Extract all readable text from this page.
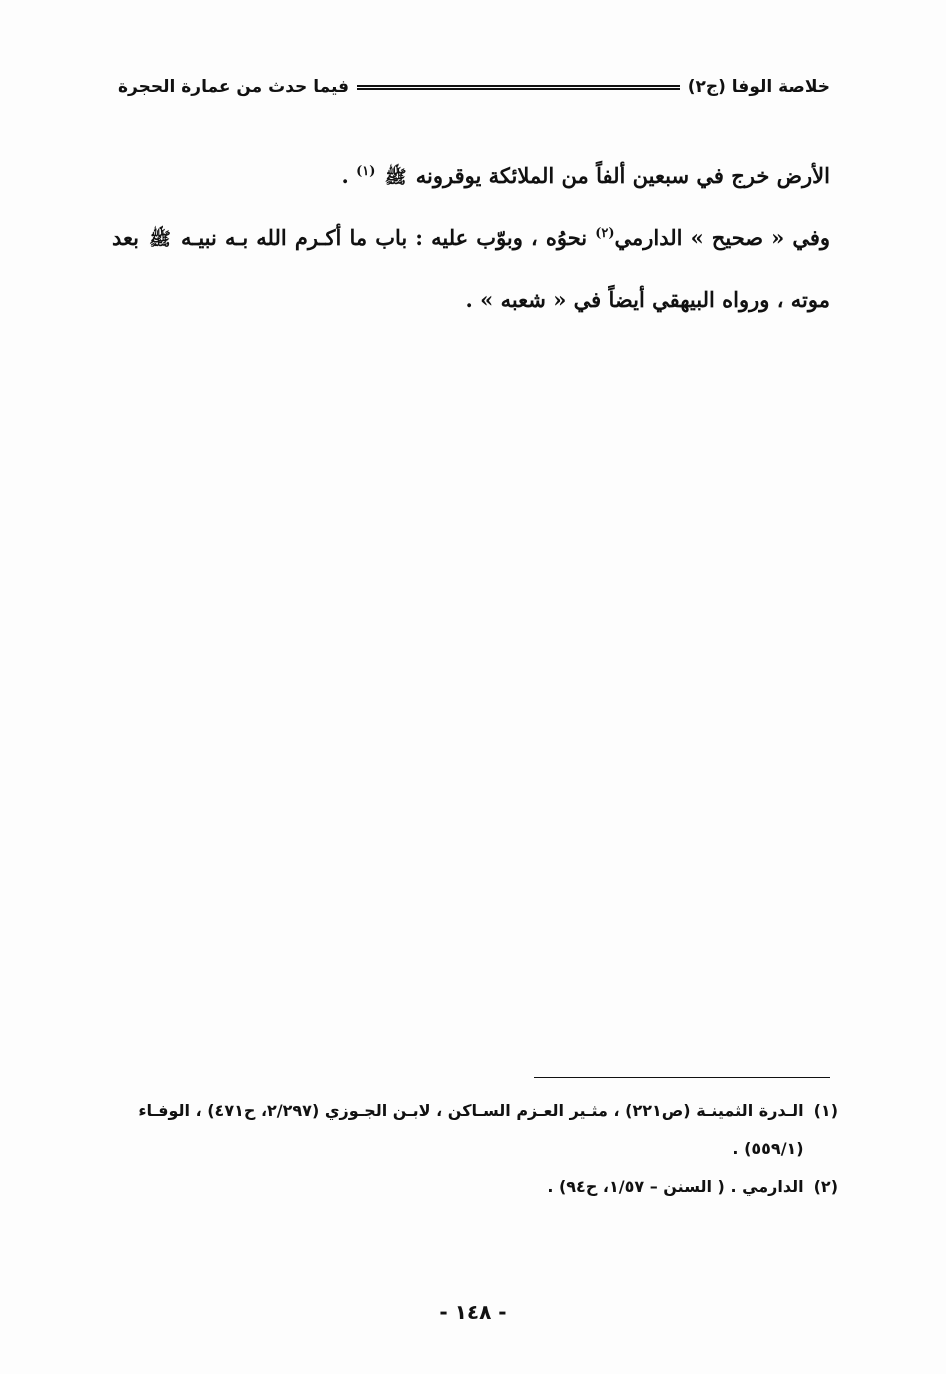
خلاصة الوفا (ج٢)
فيما حدث من عمارة الحجرة

الأرض خرج في سبعين ألفاً من الملائكة يوقرونه ﷺ $^{(١)}$ .

وفي « صحيح » الدارمي$^{(٢)}$ نحوُه ، وبوّب عليه : باب ما أكـرم الله بـه نبيـه ﷺ بعد موته ، ورواه البيهقي أيضاً في « شعبه » .

(١)
الـدرة الثمينـة (ص٢٢١) ، مثـير العـزم السـاكن ، لابـن الجـوزي (٢/٢٩٧، ح٤٧١) ، الوفـاء (٥٥٩/١) .
(٢)
الدارمي . ( السنن – ١/٥٧، ح٩٤) .
- ١٤٨ -
